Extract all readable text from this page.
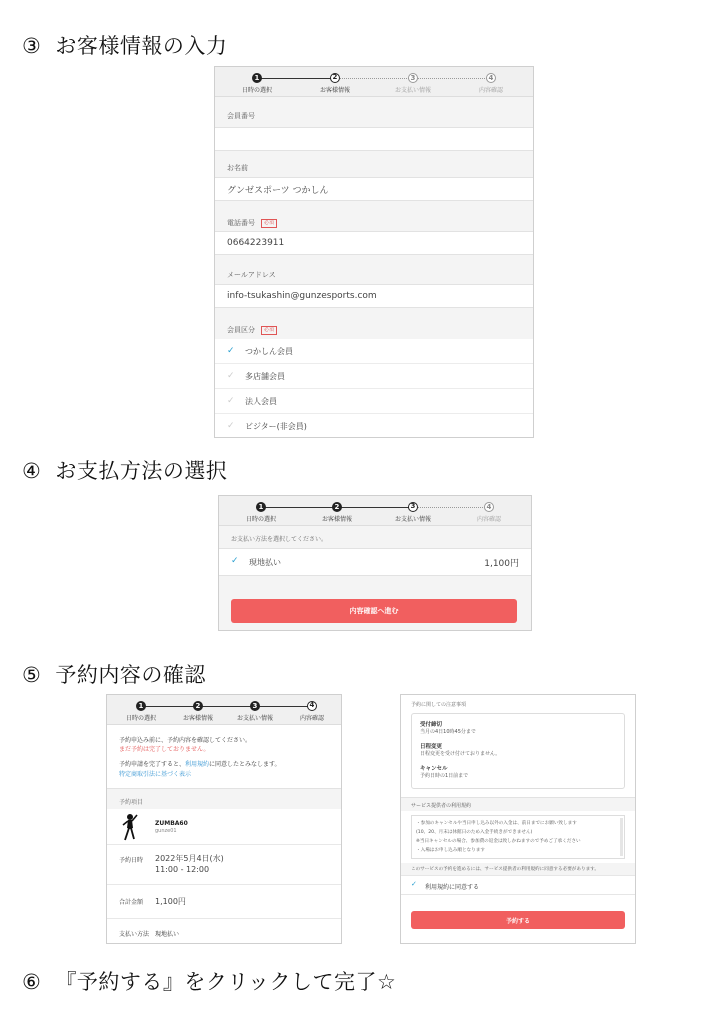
③ お客様情報の入力
1
日時の選択
2
お客様情報
3
お支払い情報
4
内容確認
会員番号
お名前
グンゼスポーツ つかしん
電話番号	必須
0664223911
メールアドレス
info-tsukashin@gunzesports.com
会員区分	必須
✓ つかしん会員
✓ 多店舗会員
✓ 法人会員
✓ ビジター(非会員)
④ お支払方法の選択
1
日時の選択
2
お客様情報
3
お支払い情報
4
内容確認
お支払い方法を選択してください。
✓ 現地払い	1,100円
内容確認へ進む
⑤ 予約内容の確認
1
日時の選択
2
お客様情報
3
お支払い情報
4
内容確認
予約申込み前に、予約内容を確認してください。
まだ予約は完了しておりません。
予約申請を完了すると、利用規約に同意したとみなします。
特定商取引法に基づく表示
予約項目
ZUMBA60
gunze01
予約日時 2022年5月4日(水)
11:00 - 12:00
合計金額 1,100円
支払い方法 現地払い
予約に関しての注意事項
受付締切
当月の4日10時45分まで
日程変更
日程変更を受け付けておりません。
キャンセル
予約日時の1日前まで
サービス提供者の利用規約
・参加のキャンセルや当日申し込み以外の入金は、前日までにお願い致します
(10、20、月末は休館日のため入金手続きができません)
※当日キャンセルの場合、参加費の返金は致しかねますので予めご了承ください
・入場はお申し込み順となります
このサービスの予約を進めるには、サービス提供者の利用規約に同意する必要があります。
✓ 利用規約に同意する
予約する
⑥ 『予約する』をクリックして完了☆
